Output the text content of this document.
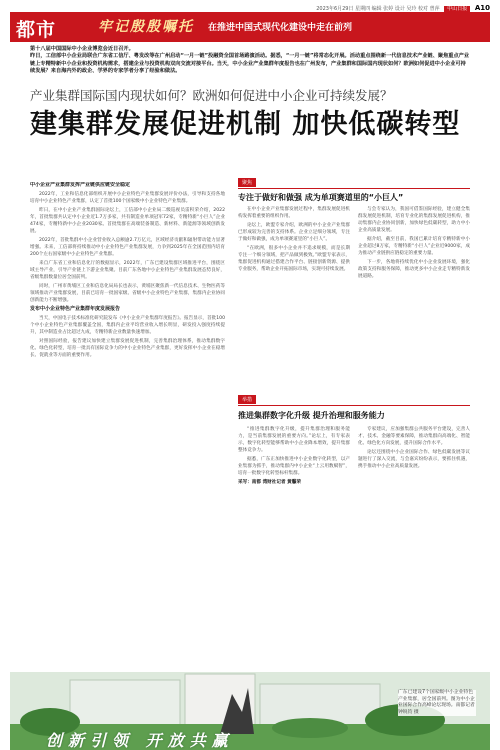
2023年6月29日 星期四 编辑 张婷 设计 吴玲 校对 曾萍 中山日报 A10
都市	牢记殷殷嘱托 在推进中国式现代化建设中走在前列
第十八届中国国际中小企业博览会近日召开。
昨日，工信部中小企业局联合广东省工信厅、粤发改等在广州启动“一月一链”投融资全国首场路演活动。据悉，“一月一链”将常态化开展。活动重点围绕新一代信息技术产业链、聚焦重点产业链上专精特新中小企业和投资机构需求，搭建企业与投资机构双向交流对接平台。当天，中小企业产业集群年度报告也在广州发布，产业集群和国际国内现状如何？欧洲如何促进中小企业可持续发展？来自海内外的政企、学界的专家学者分享了经验和做法。
产业集群国际国内现状如何？欧洲如何促进中小企业可持续发展？
建集群发展促进机制 加快低碳转型

中小企业产业集群发挥产业链供应链安全稳定

2022年，工业和信息化部组织开展中小企业特色产业集群发展评价办法，引导和支持各地培育中小企业特色产业集群，认定了首批100个国家级中小企业特色产业集群。

昨日，在中小企业产业集群国际论坛上，工信部中小企业局二级巡视员雷积荣介绍，2022年，首批集群共认定中小企业近1.7万多家，共有制造业单项冠军72家，专精特新“小巨人”企业474家，专精特新中小企业2030家。首批集群在高端装备制造、新材料、新能源等领域创新发展。

2022年，首批集群中小企业营业收入总额逾2.7万亿元，区域经济贡献和辐射带动能力显著增强。未来，工信部将持续推动中小企业特色产业集群发展，力争到2025年在全国范围内培育200个左右国家级中小企业特色产业集群。

来自广东省工业和信息化厅的数据显示，2022年，广东已建设集群区域推进平台，围绕区域主导产业，引导产业链上下游企业集聚。目前广东各地中小企业特色产业集群发展态势良好，省级集群数量位居全国前列。

同时，广州市黄埔区工业和信息化局局长也表示，黄埔区聚焦新一代信息技术、生物医药等领域推动产业集群发展，目前已培育一批国家级、省级中小企业特色产业集群，集群内企业协同创新能力不断增强。

发布中小企业特色产业集群年度发展报告

当天，中国电子技术标准化研究院发布《中小企业产业集群年度报告》。报告显示，首批100个中小企业特色产业集群覆盖全国，集群内企业平均营业收入增长明显，研发投入强度持续提升，其中制造业占比超过九成，专精特新企业数量快速增加。

对照国际经验，报告建议加快建立集群发展促进机制，完善集群治理体系，推动集群数字化、绿色化转型，培育一批具有国际竞争力的中小企业特色产业集群，更好发挥中小企业在稳增长、促就业等方面的重要作用。

聚焦
专注于做好和做强 成为单项赛道里的“小巨人”

在中小企业产业集群发展过程中，集群发展促进机构发挥着重要的组织作用。

论坛上，欧盟专家介绍，欧洲的中小企业产业集群已形成较为完善的支持体系。企业立足细分领域，专注于做好和做强，成为单项赛道里的“小巨人”。

“在欧洲，很多中小企业并不追求规模，而是长期专注一个细分领域，把产品做到极致。”欧盟专家表示，集群促进机构通过搭建合作平台、链接创新资源、提供专业服务，帮助企业开拓国际市场，实现可持续发展。

与会专家认为，我国可借鉴国际经验，建立健全集群发展促进机制，培育专业化的集群发展促进机构，推动集群内企业协同创新，加快绿色低碳转型，助力中小企业高质量发展。

据介绍，截至目前，我国已累计培育专精特新中小企业超过8万家，专精特新“小巨人”企业近9000家，成为推动产业链供应链稳定的重要力量。

下一步，各地将持续优化中小企业发展环境，强化政策支持和服务保障，推动更多中小企业走专精特新发展道路。

举措
推进集群数字化升级 提升治理和服务能力

“推进集群数字化升级，提升集群治理和服务能力，是当前集群发展的重要方向。”论坛上，有专家表示，数字化转型能够帮助中小企业降本增效，提升集群整体竞争力。

据悉，广东正加快推进中小企业数字化转型，以产业集群为抓手，推动集群内中小企业“上云用数赋智”，培育一批数字化转型标杆集群。

采写：南都 湾财社记者 黄馨荣

专家建议，应加强集群公共服务平台建设，完善人才、技术、金融等要素保障，推动集群向高端化、智能化、绿色化方向发展，提升国际合作水平。

论坛还围绕中小企业国际合作、绿色低碳发展等议题进行了深入交流，与会嘉宾纷纷表示，要抓住机遇，携手推动中小企业高质量发展。

创新引领 开放共赢
广东已建设7个国家级中小企业特色产业集群，居全国前列。图为中小企业国际合作高峰论坛现场。南都记者 钟锐钧 摄
